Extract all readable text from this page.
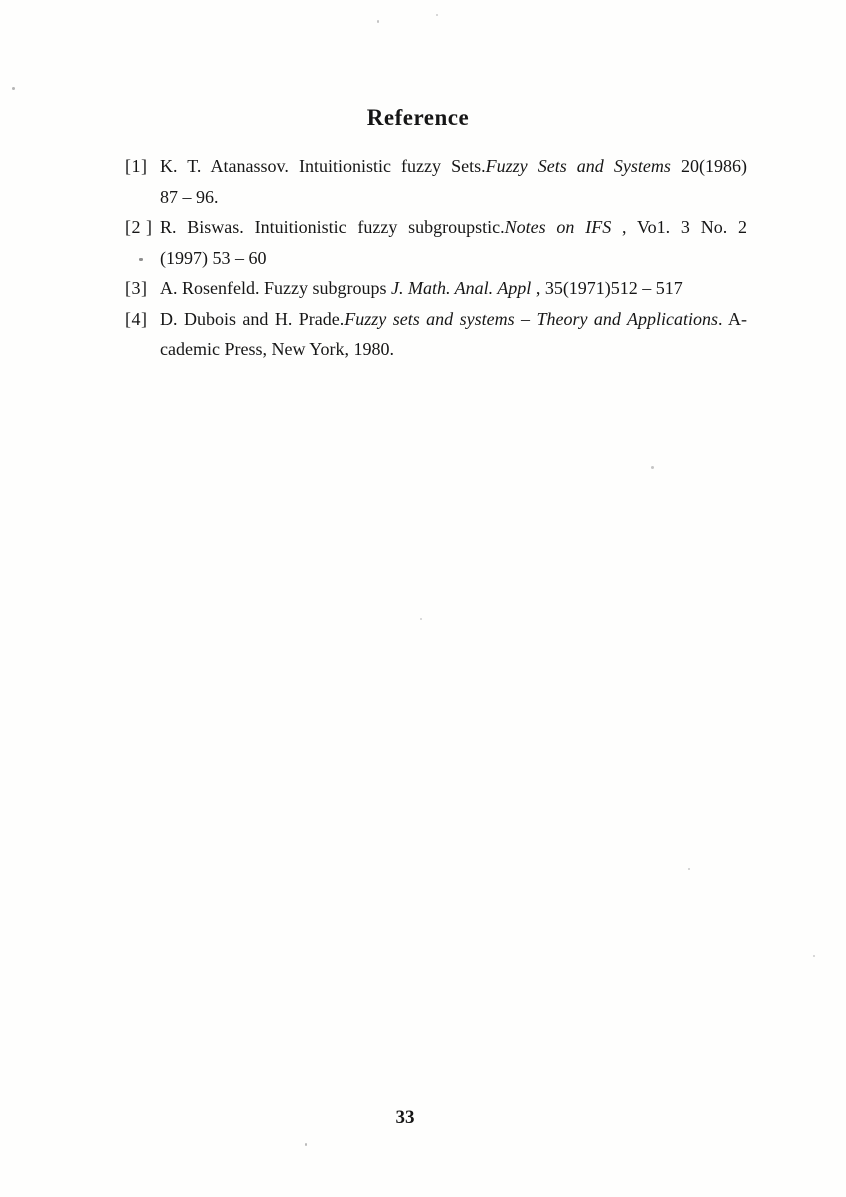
Reference
[1] K. T. Atanassov. Intuitionistic fuzzy Sets.Fuzzy Sets and Systems 20(1986)
87 – 96.
[2 ] R. Biswas. Intuitionistic fuzzy subgroupstic.Notes on IFS , Vo1. 3 No. 2
(1997) 53 – 60
[3] A. Rosenfeld. Fuzzy subgroups J. Math. Anal. Appl , 35(1971)512 – 517
[4] D. Dubois and H. Prade.Fuzzy sets and systems – Theory and Applications. A-
cademic Press, New York, 1980.
33
